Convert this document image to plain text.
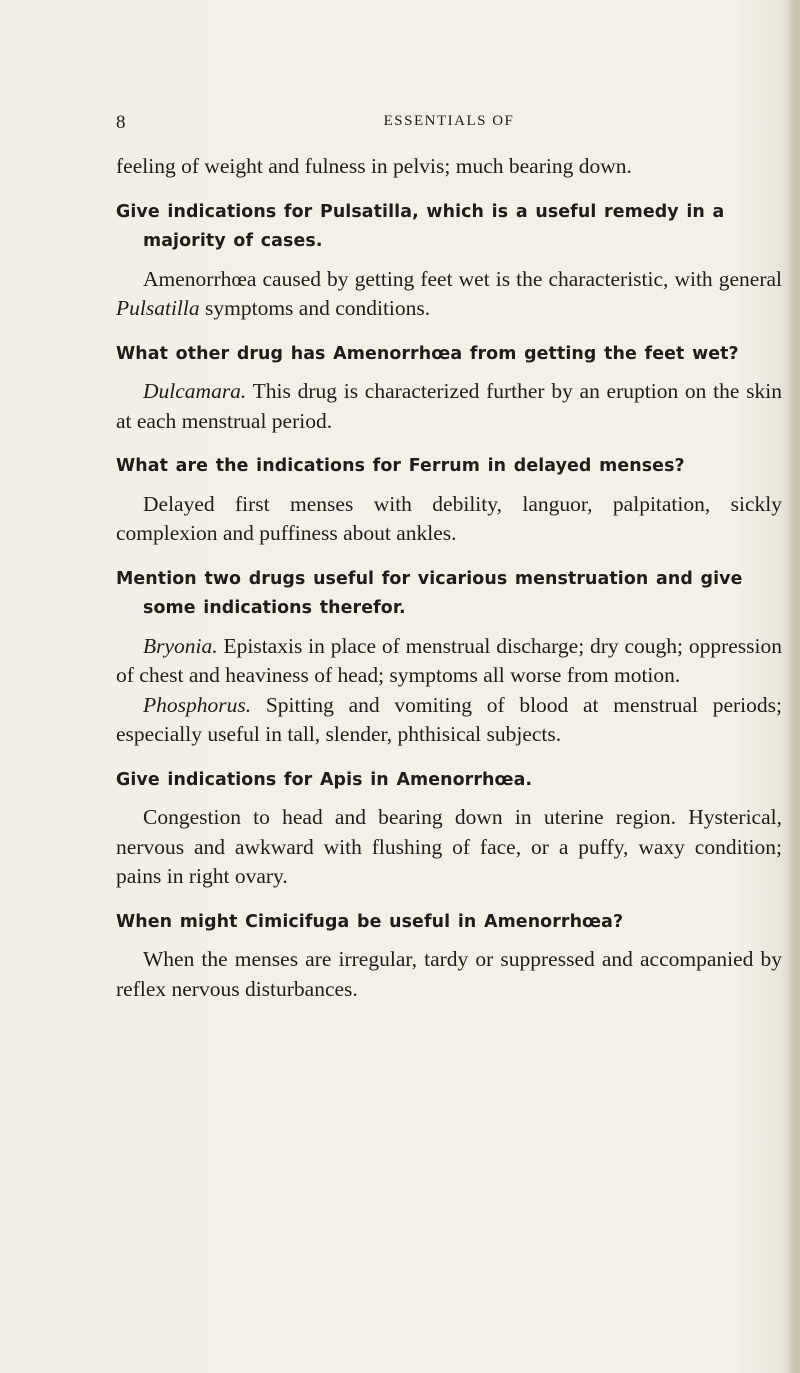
8	ESSENTIALS OF

feeling of weight and fulness in pelvis; much bearing down.

Give indications for Pulsatilla, which is a useful remedy in a majority of cases.

Amenorrhœa caused by getting feet wet is the characteristic, with general Pulsatilla symptoms and conditions.

What other drug has Amenorrhœa from getting the feet wet?

Dulcamara. This drug is characterized further by an eruption on the skin at each menstrual period.

What are the indications for Ferrum in delayed menses?

Delayed first menses with debility, languor, palpitation, sickly complexion and puffiness about ankles.

Mention two drugs useful for vicarious menstruation and give some indications therefor.

Bryonia. Epistaxis in place of menstrual discharge; dry cough; oppression of chest and heaviness of head; symptoms all worse from motion.

Phosphorus. Spitting and vomiting of blood at menstrual periods; especially useful in tall, slender, phthisical subjects.

Give indications for Apis in Amenorrhœa.

Congestion to head and bearing down in uterine region. Hysterical, nervous and awkward with flushing of face, or a puffy, waxy condition; pains in right ovary.

When might Cimicifuga be useful in Amenorrhœa?

When the menses are irregular, tardy or suppressed and accompanied by reflex nervous disturbances.
